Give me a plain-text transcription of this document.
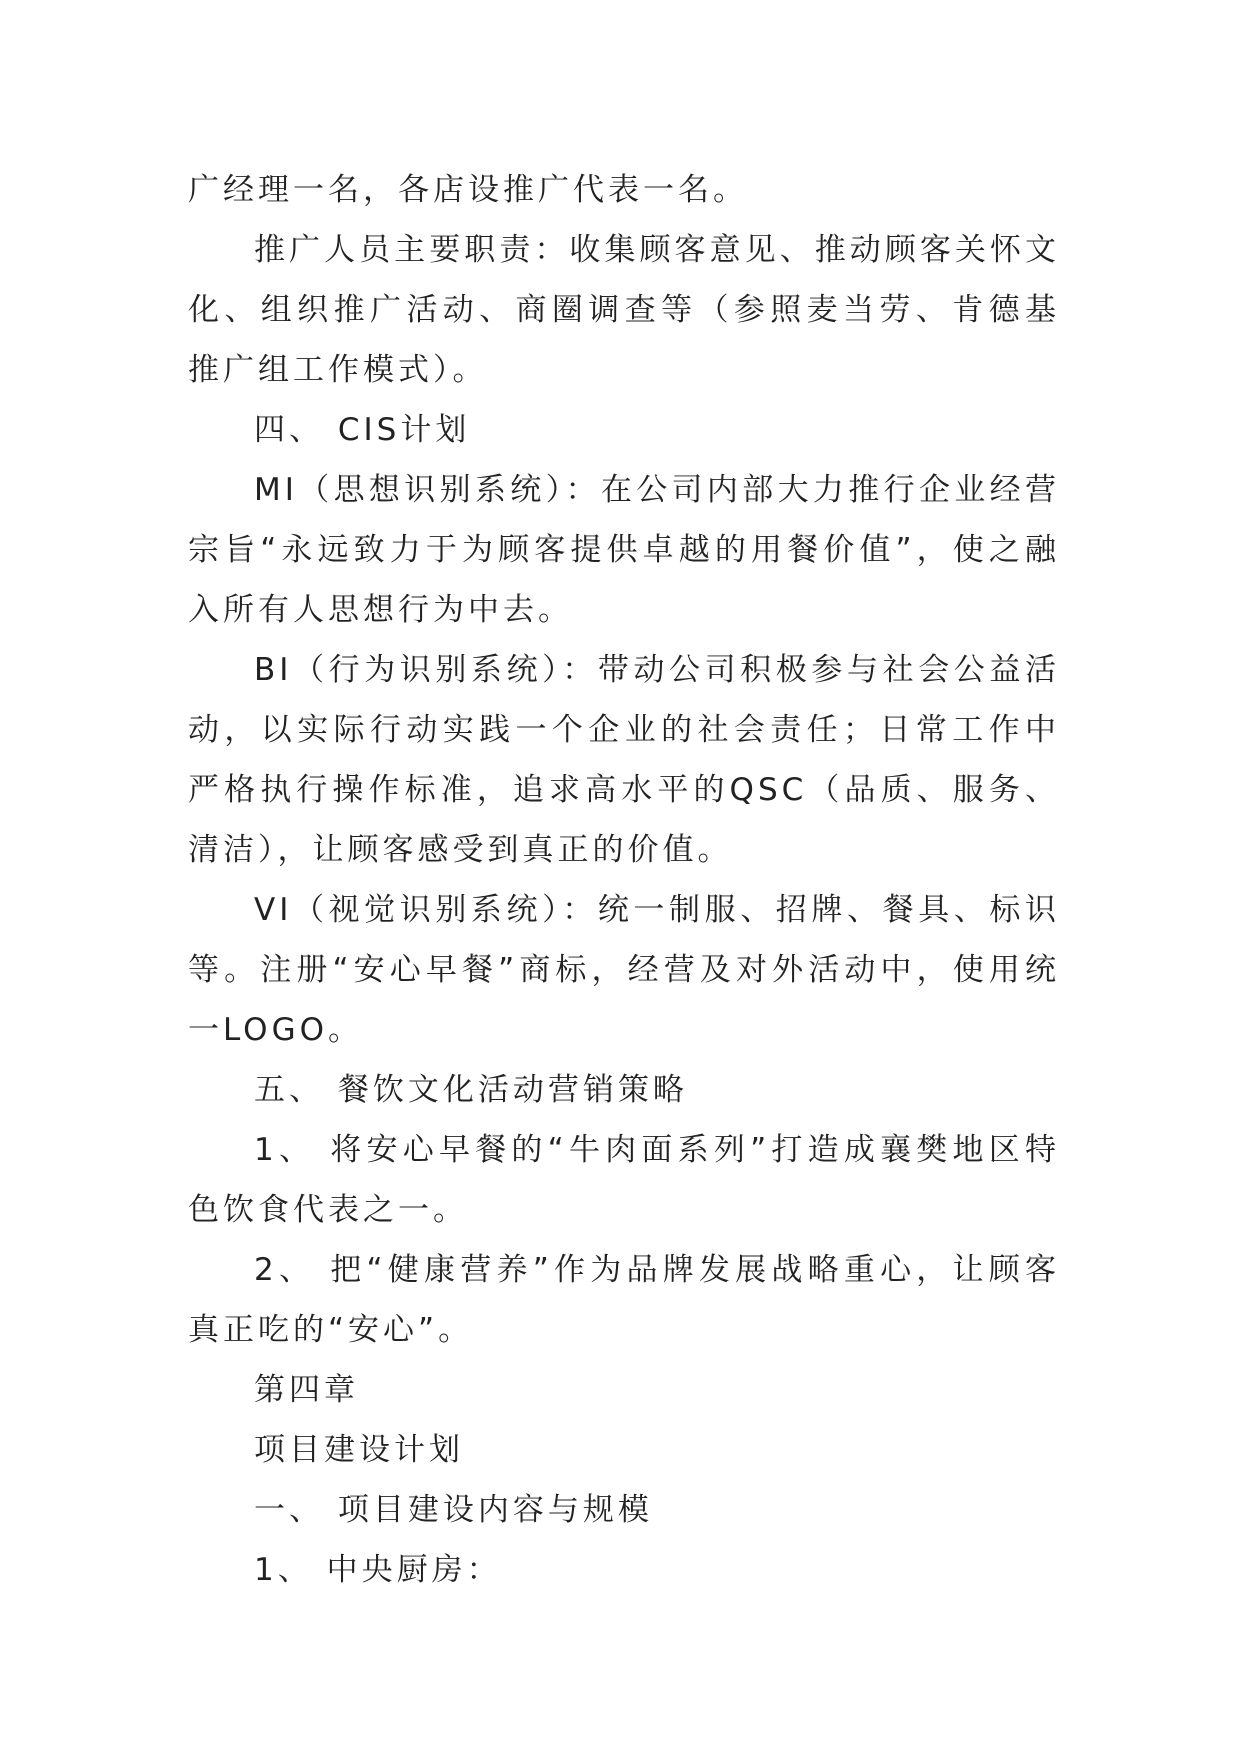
广经理一名，各店设推广代表一名。

推广人员主要职责：收集顾客意见、推动顾客关怀文化、组织推广活动、商圈调查等（参照麦当劳、肯德基推广组工作模式）。

四、 CIS计划

MI（思想识别系统）：在公司内部大力推行企业经营宗旨“永远致力于为顾客提供卓越的用餐价值”，使之融入所有人思想行为中去。

BI（行为识别系统）：带动公司积极参与社会公益活动，以实际行动实践一个企业的社会责任；日常工作中严格执行操作标准，追求高水平的QSC（品质、服务、清洁），让顾客感受到真正的价值。

VI（视觉识别系统）：统一制服、招牌、餐具、标识等。注册“安心早餐”商标，经营及对外活动中，使用统一LOGO。

五、 餐饮文化活动营销策略

1、 将安心早餐的“牛肉面系列”打造成襄樊地区特色饮食代表之一。

2、 把“健康营养”作为品牌发展战略重心，让顾客真正吃的“安心”。

第四章

项目建设计划

一、 项目建设内容与规模

1、 中央厨房：
